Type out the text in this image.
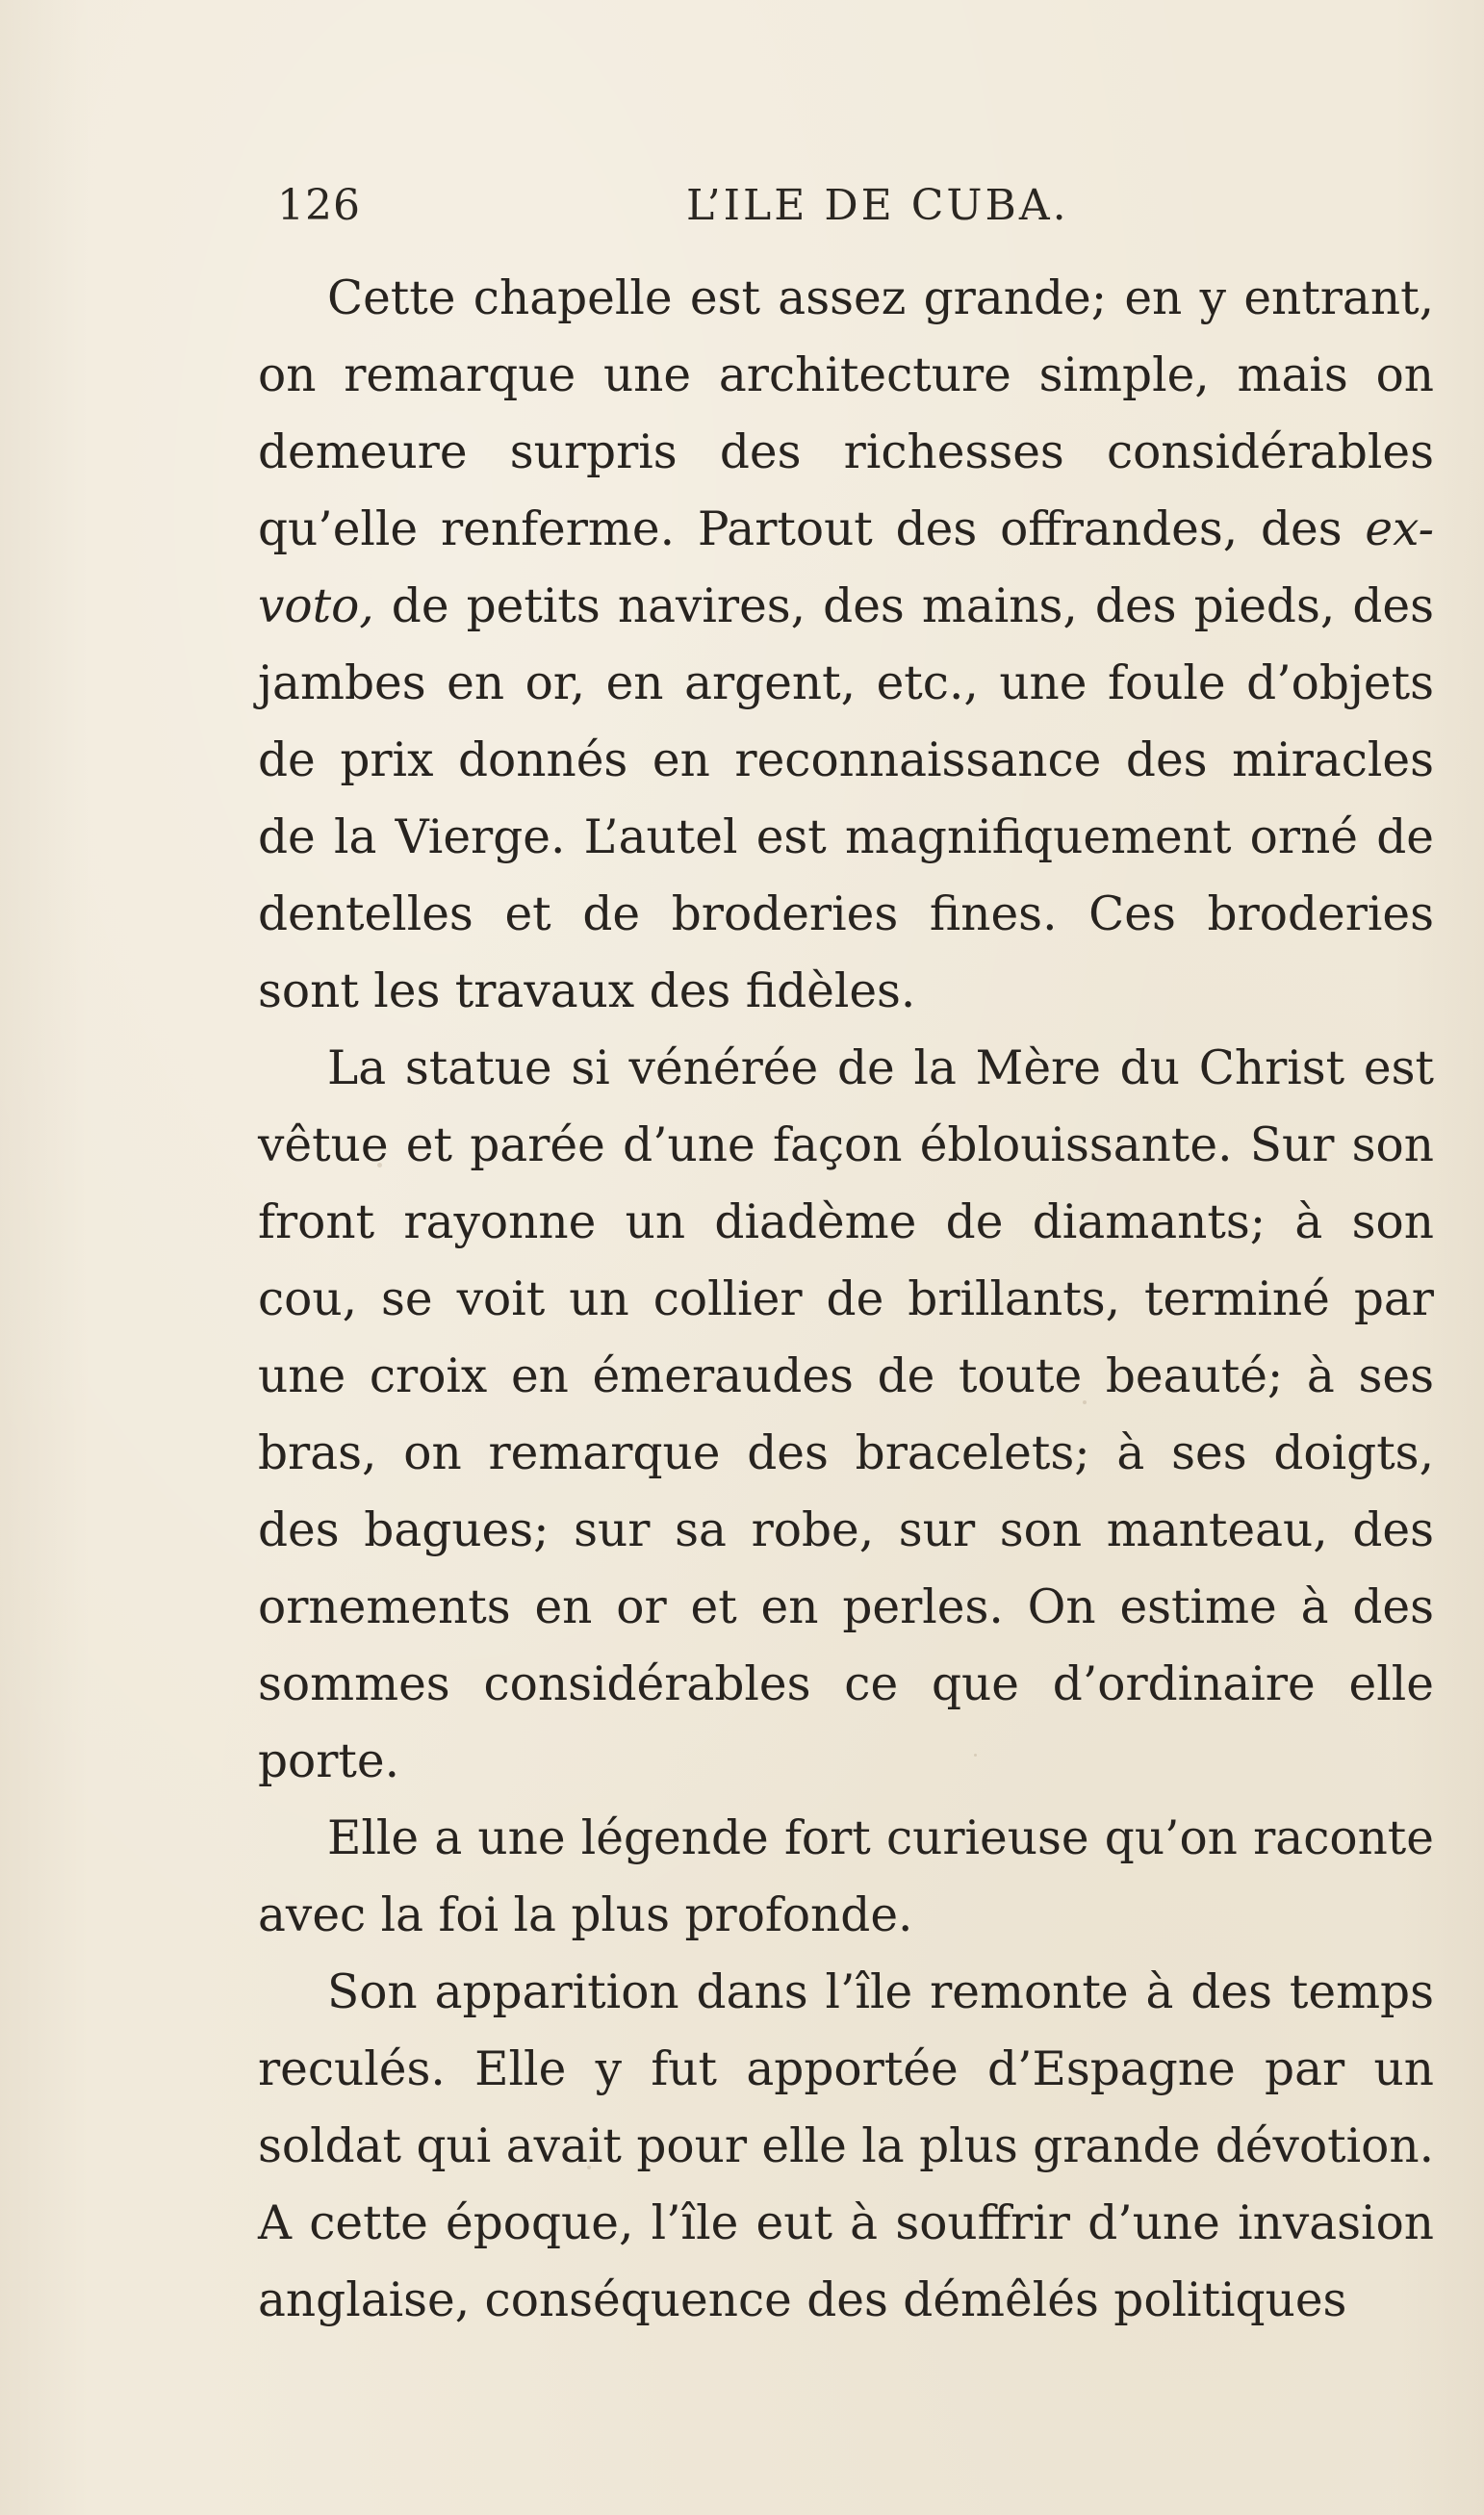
126	L’ILE DE CUBA.

Cette chapelle est assez grande; en y entrant, on remarque une architecture simple, mais on demeure surpris des richesses considérables qu’elle renferme. Partout des offrandes, des ex-voto, de petits navires, des mains, des pieds, des jambes en or, en argent, etc., une foule d’objets de prix donnés en reconnaissance des miracles de la Vierge. L’autel est magnifiquement orné de dentelles et de broderies fines. Ces broderies sont les travaux des fidèles.

La statue si vénérée de la Mère du Christ est vêtue et parée d’une façon éblouissante. Sur son front rayonne un diadème de diamants; à son cou, se voit un collier de brillants, terminé par une croix en émeraudes de toute beauté; à ses bras, on remarque des bracelets; à ses doigts, des bagues; sur sa robe, sur son manteau, des ornements en or et en perles. On estime à des sommes considérables ce que d’ordinaire elle porte.

Elle a une légende fort curieuse qu’on raconte avec la foi la plus profonde.

Son apparition dans l’île remonte à des temps reculés. Elle y fut apportée d’Espagne par un soldat qui avait pour elle la plus grande dévotion. A cette époque, l’île eut à souffrir d’une invasion anglaise, conséquence des démêlés politiques
